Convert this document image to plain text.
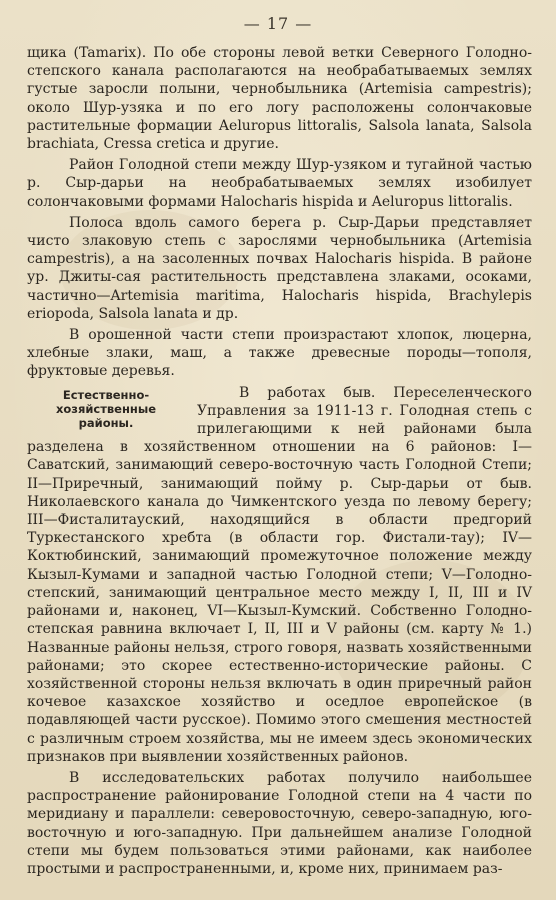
— 17 —

щика (Tamarix). По обе стороны левой ветки Северного Голодно-степского канала располагаются на необрабатываемых землях густые заросли полыни, чернобыльника (Artemisia campestris); около Шур-узяка и по его логу расположены солончаковые растительные формации Aeluropus littoralis, Salsola lanata, Salsola brachiata, Cressa cretica и другие.

Район Голодной степи между Шур-узяком и тугайной частью р. Сыр-дарьи на необрабатываемых землях изобилует солончаковыми формами Halocharis hispida и Aeluropus littoralis.

Полоса вдоль самого берега р. Сыр-Дарьи представляет чисто злаковую степь с зарослями чернобыльника (Artemisia campestris), а на засоленных почвах Halocharis hispida. В районе ур. Джиты-сая растительность представлена злаками, осоками, частично—Artemisia maritima, Halocharis hispida, Brachylepis eriopoda, Salsola lanata и др.

В орошенной части степи произрастают хлопок, люцерна, хлебные злаки, маш, а также древесные породы—тополя, фруктовые деревья.

Естественно-хозяйственные районы.

В работах быв. Переселенческого Управления за 1911-13 г. Голодная степь с прилегающими к ней районами была разделена в хозяйственном отношении на 6 районов: I—Саватский, занимающий северо-восточную часть Голодной Степи; II—Приречный, занимающий пойму р. Сыр-дарьи от быв. Николаевского канала до Чимкентского уезда по левому берегу; III—Фисталитауский, находящийся в области предгорий Туркестанского хребта (в области гор. Фистали-тау); IV—Коктюбинский, занимающий промежуточное положение между Кызыл-Кумами и западной частью Голодной степи; V—Голодно-степский, занимающий центральное место между I, II, III и IV районами и, наконец, VI—Кызыл-Кумский. Собственно Голодно-степская равнина включает I, II, III и V районы (см. карту № 1.) Названные районы нельзя, строго говоря, назвать хозяйственными районами; это скорее естественно-исторические районы. С хозяйственной стороны нельзя включать в один приречный район кочевое казахское хозяйство и оседлое европейское (в подавляющей части русское). Помимо этого смешения местностей с различным строем хозяйства, мы не имеем здесь экономических признаков при выявлении хозяйственных районов.

В исследовательских работах получило наибольшее распространение районирование Голодной степи на 4 части по меридиану и параллели: северовосточную, северо-западную, юго-восточную и юго-западную. При дальнейшем анализе Голодной степи мы будем пользоваться этими районами, как наиболее простыми и распространенными, и, кроме них, принимаем раз-
